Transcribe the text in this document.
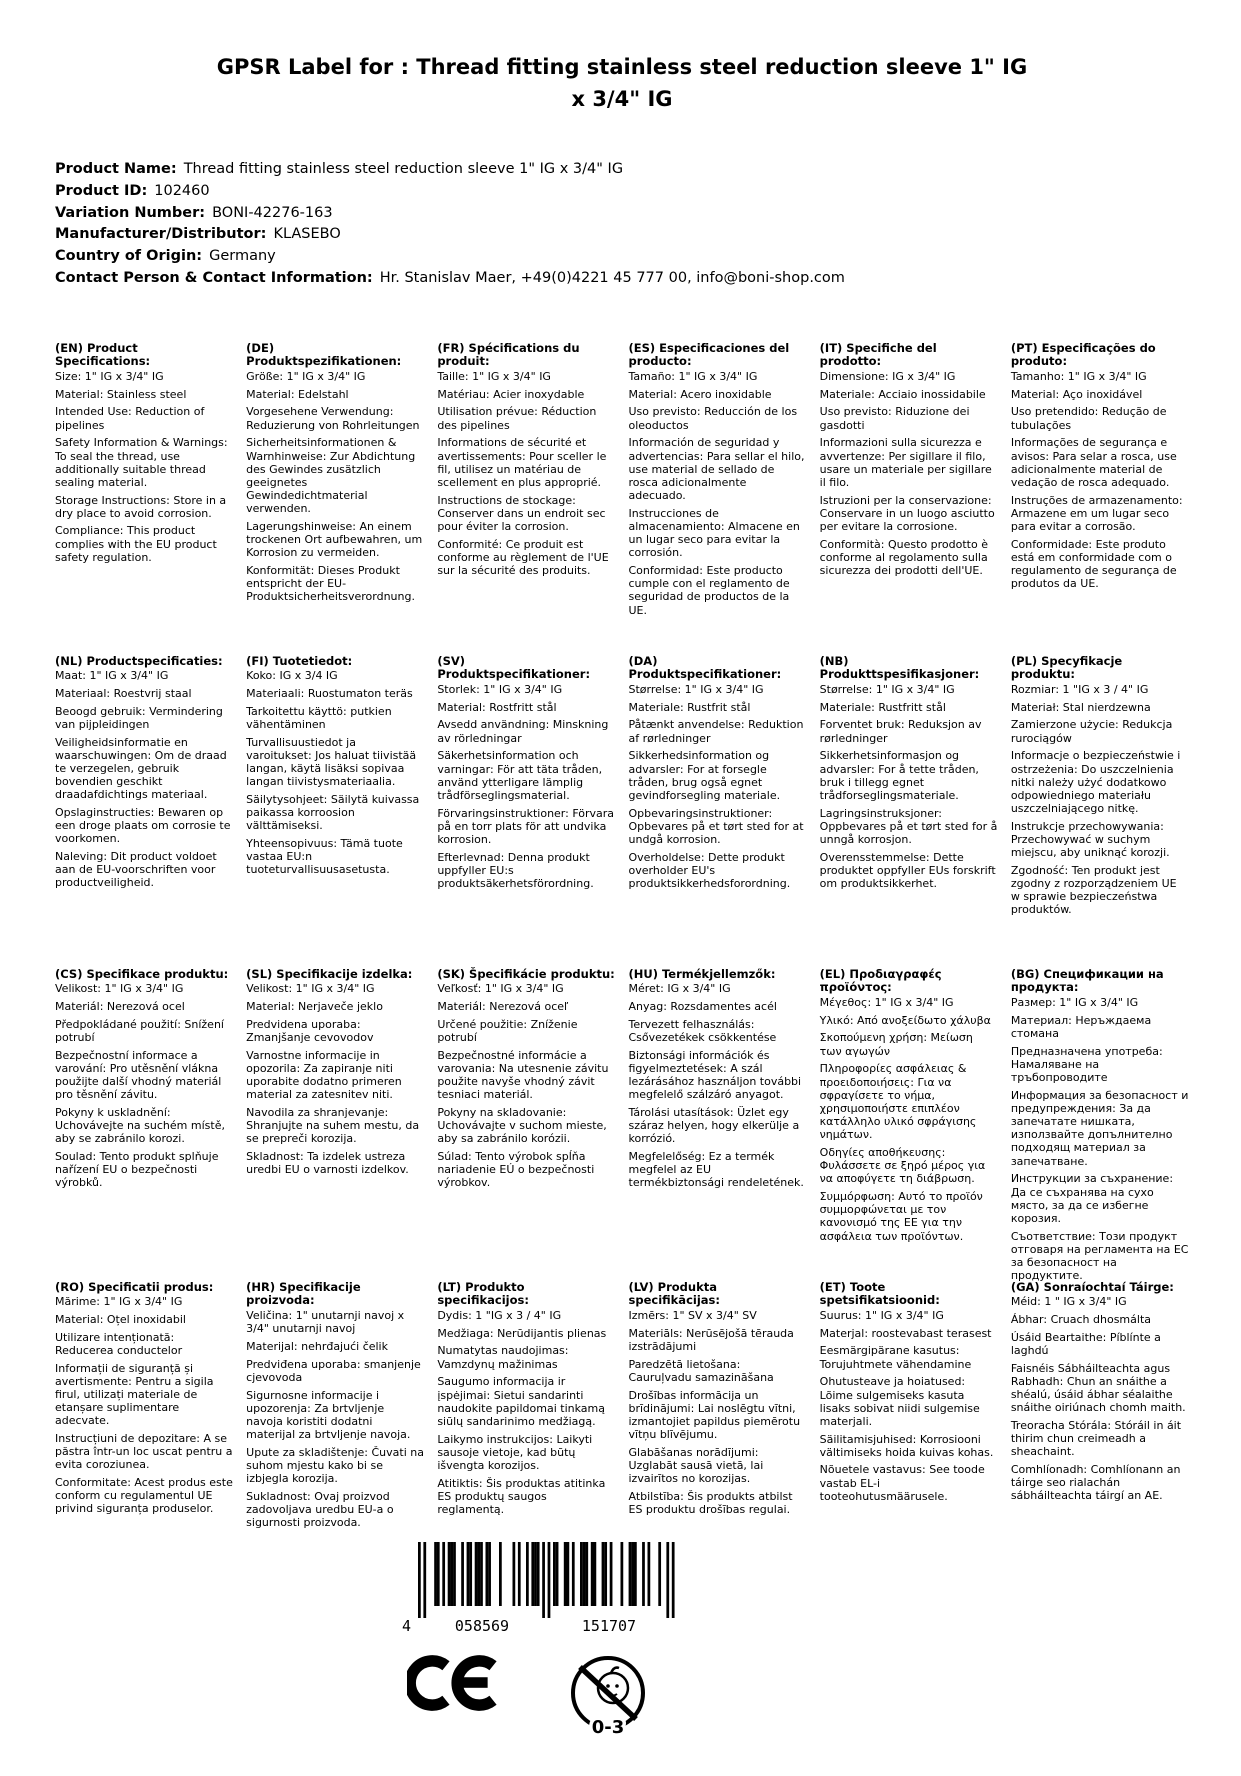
GPSR Label for : Thread fitting stainless steel reduction sleeve 1" IG x 3/4" IG
Product Name: Thread fitting stainless steel reduction sleeve 1" IG x 3/4" IG
Product ID: 102460
Variation Number: BONI-42276-163
Manufacturer/Distributor: KLASEBO
Country of Origin: Germany
Contact Person & Contact Information: Hr. Stanislav Maer, +49(0)4221 45 777 00, info@boni-shop.com
(EN) Product Specifications:

Size: 1" IG x 3/4" IG

Material: Stainless steel

Intended Use: Reduction of pipelines

Safety Information & Warnings: To seal the thread, use additionally suitable thread sealing material.

Storage Instructions: Store in a dry place to avoid corrosion.

Compliance: This product complies with the EU product safety regulation.

(DE) Produktspezifikationen:

Größe: 1" IG x 3/4" IG

Material: Edelstahl

Vorgesehene Verwendung: Reduzierung von Rohrleitungen

Sicherheitsinformationen & Warnhinweise: Zur Abdichtung des Gewindes zusätzlich geeignetes Gewindedichtmaterial verwenden.

Lagerungshinweise: An einem trockenen Ort aufbewahren, um Korrosion zu vermeiden.

Konformität: Dieses Produkt entspricht der EU-Produktsicherheitsverordnung.

(FR) Spécifications du produit:

Taille: 1" IG x 3/4" IG

Matériau: Acier inoxydable

Utilisation prévue: Réduction des pipelines

Informations de sécurité et avertissements: Pour sceller le fil, utilisez un matériau de scellement en plus approprié.

Instructions de stockage: Conserver dans un endroit sec pour éviter la corrosion.

Conformité: Ce produit est conforme au règlement de l'UE sur la sécurité des produits.

(ES) Especificaciones del producto:

Tamaño: 1" IG x 3/4" IG

Material: Acero inoxidable

Uso previsto: Reducción de los oleoductos

Información de seguridad y advertencias: Para sellar el hilo, use material de sellado de rosca adicionalmente adecuado.

Instrucciones de almacenamiento: Almacene en un lugar seco para evitar la corrosión.

Conformidad: Este producto cumple con el reglamento de seguridad de productos de la UE.

(IT) Specifiche del prodotto:

Dimensione: IG x 3/4" IG

Materiale: Acciaio inossidabile

Uso previsto: Riduzione dei gasdotti

Informazioni sulla sicurezza e avvertenze: Per sigillare il filo, usare un materiale per sigillare il filo.

Istruzioni per la conservazione: Conservare in un luogo asciutto per evitare la corrosione.

Conformità: Questo prodotto è conforme al regolamento sulla sicurezza dei prodotti dell'UE.

(PT) Especificações do produto:

Tamanho: 1" IG x 3/4" IG

Material: Aço inoxidável

Uso pretendido: Redução de tubulações

Informações de segurança e avisos: Para selar a rosca, use adicionalmente material de vedação de rosca adequado.

Instruções de armazenamento: Armazene em um lugar seco para evitar a corrosão.

Conformidade: Este produto está em conformidade com o regulamento de segurança de produtos da UE.

(NL) Productspecificaties:

Maat: 1" IG x 3/4" IG

Materiaal: Roestvrij staal

Beoogd gebruik: Vermindering van pijpleidingen

Veiligheidsinformatie en waarschuwingen: Om de draad te verzegelen, gebruik bovendien geschikt draadafdichtings materiaal.

Opslaginstructies: Bewaren op een droge plaats om corrosie te voorkomen.

Naleving: Dit product voldoet aan de EU-voorschriften voor productveiligheid.

(FI) Tuotetiedot:

Koko: IG x 3/4 IG

Materiaali: Ruostumaton teräs

Tarkoitettu käyttö: putkien vähentäminen

Turvallisuustiedot ja varoitukset: Jos haluat tiivistää langan, käytä lisäksi sopivaa langan tiivistysmateriaalia.

Säilytysohjeet: Säilytä kuivassa paikassa korroosion välttämiseksi.

Yhteensopivuus: Tämä tuote vastaa EU:n tuoteturvallisuusasetusta.

(SV) Produktspecifikationer:

Storlek: 1" IG x 3/4" IG

Material: Rostfritt stål

Avsedd användning: Minskning av rörledningar

Säkerhetsinformation och varningar: För att täta tråden, använd ytterligare lämplig trådförseglingsmaterial.

Förvaringsinstruktioner: Förvara på en torr plats för att undvika korrosion.

Efterlevnad: Denna produkt uppfyller EU:s produktsäkerhetsförordning.

(DA) Produktspecifikationer:

Størrelse: 1" IG x 3/4" IG

Materiale: Rustfrit stål

Påtænkt anvendelse: Reduktion af rørledninger

Sikkerhedsinformation og advarsler: For at forsegle tråden, brug også egnet gevindforsegling materiale.

Opbevaringsinstruktioner: Opbevares på et tørt sted for at undgå korrosion.

Overholdelse: Dette produkt overholder EU's produktsikkerhedsforordning.

(NB) Produkttspesifikasjoner:

Størrelse: 1" IG x 3/4" IG

Materiale: Rustfritt stål

Forventet bruk: Reduksjon av rørledninger

Sikkerhetsinformasjon og advarsler: For å tette tråden, bruk i tillegg egnet trådforseglingsmateriale.

Lagringsinstruksjoner: Oppbevares på et tørt sted for å unngå korrosjon.

Overensstemmelse: Dette produktet oppfyller EUs forskrift om produktsikkerhet.

(PL) Specyfikacje produktu:

Rozmiar: 1 "IG x 3 / 4" IG

Materiał: Stal nierdzewna

Zamierzone użycie: Redukcja rurociągów

Informacje o bezpieczeństwie i ostrzeżenia: Do uszczelnienia nitki należy użyć dodatkowo odpowiedniego materiału uszczelniającego nitkę.

Instrukcje przechowywania: Przechowywać w suchym miejscu, aby uniknąć korozji.

Zgodność: Ten produkt jest zgodny z rozporządzeniem UE w sprawie bezpieczeństwa produktów.

(CS) Specifikace produktu:

Velikost: 1" IG x 3/4" IG

Materiál: Nerezová ocel

Předpokládané použití: Snížení potrubí

Bezpečnostní informace a varování: Pro utěsnění vlákna použijte další vhodný materiál pro těsnění závitu.

Pokyny k uskladnění: Uchovávejte na suchém místě, aby se zabránilo korozi.

Soulad: Tento produkt splňuje nařízení EU o bezpečnosti výrobků.

(SL) Specifikacije izdelka:

Velikost: 1" IG x 3/4" IG

Material: Nerjaveče jeklo

Predvidena uporaba: Zmanjšanje cevovodov

Varnostne informacije in opozorila: Za zapiranje niti uporabite dodatno primeren material za zatesnitev niti.

Navodila za shranjevanje: Shranjujte na suhem mestu, da se prepreči korozija.

Skladnost: Ta izdelek ustreza uredbi EU o varnosti izdelkov.

(SK) Špecifikácie produktu:

Veľkosť: 1" IG x 3/4" IG

Materiál: Nerezová oceľ

Určené použitie: Zníženie potrubí

Bezpečnostné informácie a varovania: Na utesnenie závitu použite navyše vhodný závit tesniaci materiál.

Pokyny na skladovanie: Uchovávajte v suchom mieste, aby sa zabránilo korózii.

Súlad: Tento výrobok spĺňa nariadenie EÚ o bezpečnosti výrobkov.

(HU) Termékjellemzők:

Méret: IG x 3/4" IG

Anyag: Rozsdamentes acél

Tervezett felhasználás: Csővezetékek csökkentése

Biztonsági információk és figyelmeztetések: A szál lezárásához használjon további megfelelő szálzáró anyagot.

Tárolási utasítások: Üzlet egy száraz helyen, hogy elkerülje a korrózió.

Megfelelőség: Ez a termék megfelel az EU termékbiztonsági rendeletének.

(EL) Προδιαγραφές προϊόντος:

Μέγεθος: 1" IG x 3/4" IG

Υλικό: Από ανοξείδωτο χάλυβα

Σκοπούμενη χρήση: Μείωση των αγωγών

Πληροφορίες ασφάλειας & προειδοποιήσεις: Για να σφραγίσετε το νήμα, χρησιμοποιήστε επιπλέον κατάλληλο υλικό σφράγισης νημάτων.

Οδηγίες αποθήκευσης: Φυλάσσετε σε ξηρό μέρος για να αποφύγετε τη διάβρωση.

Συμμόρφωση: Αυτό το προϊόν συμμορφώνεται με τον κανονισμό της ΕΕ για την ασφάλεια των προϊόντων.

(BG) Спецификации на продукта:

Размер: 1" IG x 3/4" IG

Материал: Неръждаема стомана

Предназначена употреба: Намаляване на тръбопроводите

Информация за безопасност и предупреждения: За да запечатате нишката, използвайте допълнително подходящ материал за запечатване.

Инструкции за съхранение: Да се съхранява на сухо място, за да се избегне корозия.

Съответствие: Този продукт отговаря на регламента на ЕС за безопасност на продуктите.

(RO) Specificatii produs:

Mărime: 1" IG x 3/4" IG

Material: Oțel inoxidabil

Utilizare intenționată: Reducerea conductelor

Informații de siguranță și avertismente: Pentru a sigila firul, utilizați materiale de etanșare suplimentare adecvate.

Instrucțiuni de depozitare: A se păstra într-un loc uscat pentru a evita coroziunea.

Conformitate: Acest produs este conform cu regulamentul UE privind siguranța produselor.

(HR) Specifikacije proizvoda:

Veličina: 1" unutarnji navoj x 3/4" unutarnji navoj

Materijal: nehrđajući čelik

Predviđena uporaba: smanjenje cjevovoda

Sigurnosne informacije i upozorenja: Za brtvljenje navoja koristiti dodatni materijal za brtvljenje navoja.

Upute za skladištenje: Čuvati na suhom mjestu kako bi se izbjegla korozija.

Sukladnost: Ovaj proizvod zadovoljava uredbu EU-a o sigurnosti proizvoda.

(LT) Produkto specifikacijos:

Dydis: 1 "IG x 3 / 4" IG

Medžiaga: Nerūdijantis plienas

Numatytas naudojimas: Vamzdynų mažinimas

Saugumo informacija ir įspėjimai: Sietui sandarinti naudokite papildomai tinkamą siūlų sandarinimo medžiagą.

Laikymo instrukcijos: Laikyti sausoje vietoje, kad būtų išvengta korozijos.

Atitiktis: Šis produktas atitinka ES produktų saugos reglamentą.

(LV) Produkta specifikācijas:

Izmērs: 1" SV x 3/4" SV

Materiāls: Nerūsējošā tērauda izstrādājumi

Paredzētā lietošana: Cauruļvadu samazināšana

Drošības informācija un brīdinājumi: Lai noslēgtu vītni, izmantojiet papildus piemērotu vītņu blīvējumu.

Glabāšanas norādījumi: Uzglabāt sausā vietā, lai izvairītos no korozijas.

Atbilstība: Šis produkts atbilst ES produktu drošības regulai.

(ET) Toote spetsifikatsioonid:

Suurus: 1" IG x 3/4" IG

Materjal: roostevabast terasest

Eesmärgipärane kasutus: Torujuhtmete vähendamine

Ohutusteave ja hoiatused: Lõime sulgemiseks kasuta lisaks sobivat niidi sulgemise materjali.

Säilitamisjuhised: Korrosiooni vältimiseks hoida kuivas kohas.

Nõuetele vastavus: See toode vastab EL-i tooteohutusmäärusele.

(GA) Sonraíochtaí Táirge:

Méid: 1 " IG x 3/4" IG

Ábhar: Cruach dhosmálta

Úsáid Beartaithe: Píblínte a laghdú

Faisnéis Sábháilteachta agus Rabhadh: Chun an snáithe a shéalú, úsáid ábhar séalaithe snáithe oiriúnach chomh maith.

Treoracha Stórála: Stóráil in áit thirim chun creimeadh a sheachaint.

Comhlíonadh: Comhlíonann an táirge seo rialachán sábháilteachta táirgí an AE.

4	058569	151707
0-3
